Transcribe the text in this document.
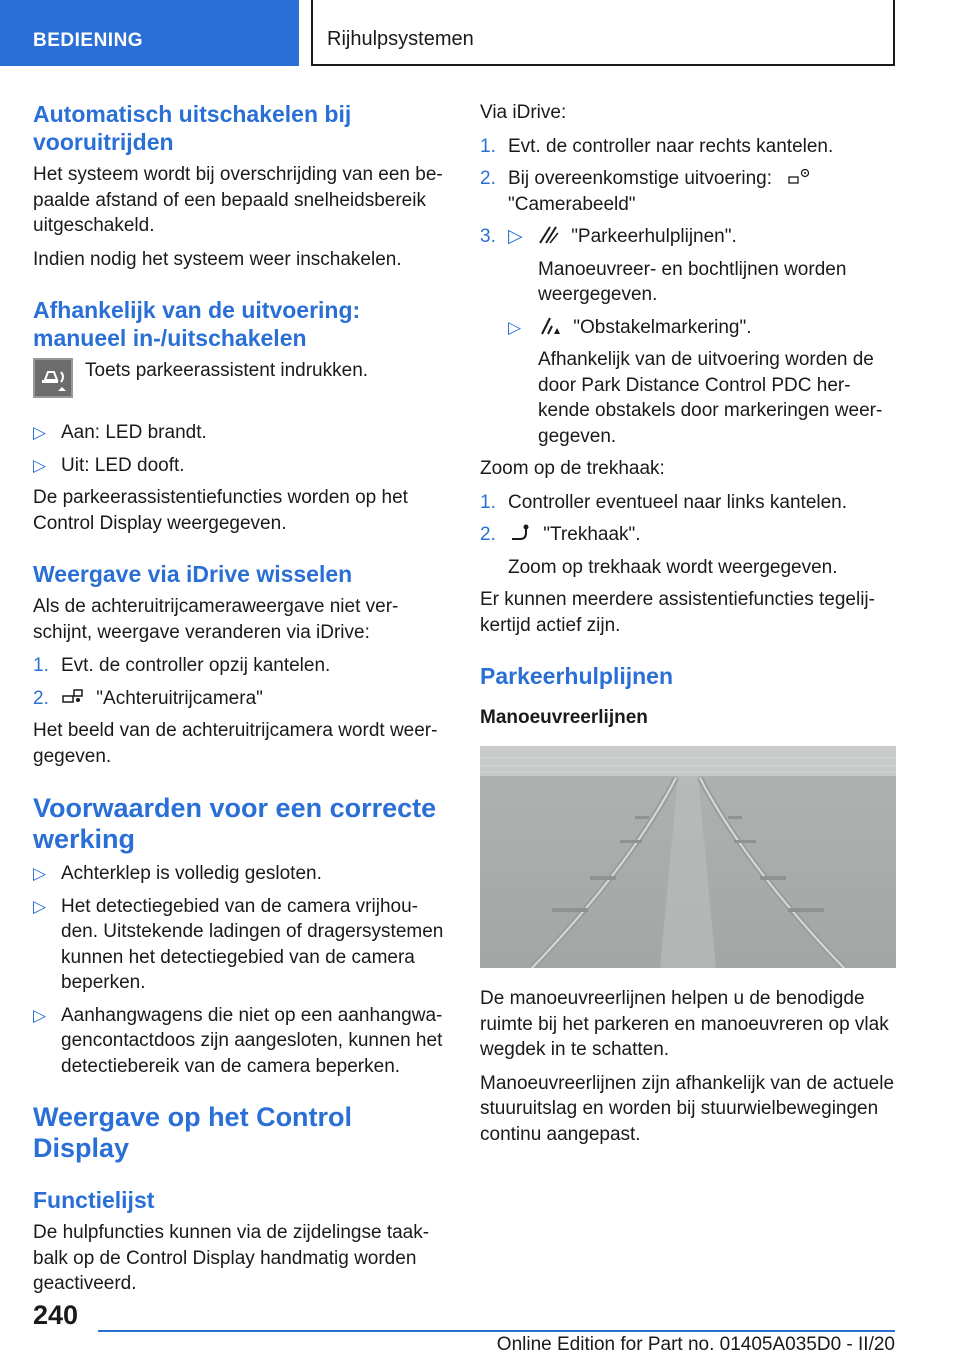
BEDIENING	Rijhulpsystemen
Automatisch uitschakelen bij vooruitrijden

Het systeem wordt bij overschrijding van een be-paalde afstand of een bepaald snelheidsbereik uitgeschakeld.

Indien nodig het systeem weer inschakelen.

Afhankelijk van de uitvoering: manueel in-/uitschakelen
Toets parkeerassistent indrukken.
▷ Aan: LED brandt.
▷ Uit: LED dooft.

De parkeerassistentiefuncties worden op het Control Display weergegeven.

Weergave via iDrive wisselen

Als de achteruitrijcameraweergave niet ver-schijnt, weergave veranderen via iDrive:

1. Evt. de controller opzij kantelen.
2. "Achteruitrijcamera"

Het beeld van de achteruitrijcamera wordt weer-gegeven.

Voorwaarden voor een correcte werking
▷ Achterklep is volledig gesloten.
▷ Het detectiegebied van de camera vrijhou-den. Uitstekende ladingen of dragersystemen kunnen het detectiegebied van de camera beperken.
▷ Aanhangwagens die niet op een aanhangwa-gencontactdoos zijn aangesloten, kunnen het detectiebereik van de camera beperken.
Weergave op het Control Display
Functielijst

De hulpfuncties kunnen via de zijdelingse taak-balk op de Control Display handmatig worden geactiveerd.

Via iDrive:

1. Evt. de controller naar rechts kantelen.
2. Bij overeenkomstige uitvoering:
"Camerabeeld"
3. ▷	"Parkeerhulplijnen".
Manoeuvreer- en bochtlijnen worden weergegeven.
▷	"Obstakelmarkering".
Afhankelijk van de uitvoering worden de door Park Distance Control PDC her-kende obstakels door markeringen weer-gegeven.

Zoom op de trekhaak:

1. Controller eventueel naar links kantelen.
2. "Trekhaak".
Zoom op trekhaak wordt weergegeven.

Er kunnen meerdere assistentiefuncties tegelij-kertijd actief zijn.

Parkeerhulplijnen
Manoeuvreerlijnen

De manoeuvreerlijnen helpen u de benodigde ruimte bij het parkeren en manoeuvreren op vlak wegdek in te schatten.

Manoeuvreerlijnen zijn afhankelijk van de actuele stuuruitslag en worden bij stuurwielbewegingen continu aangepast.

240
Online Edition for Part no. 01405A035D0 - II/20
